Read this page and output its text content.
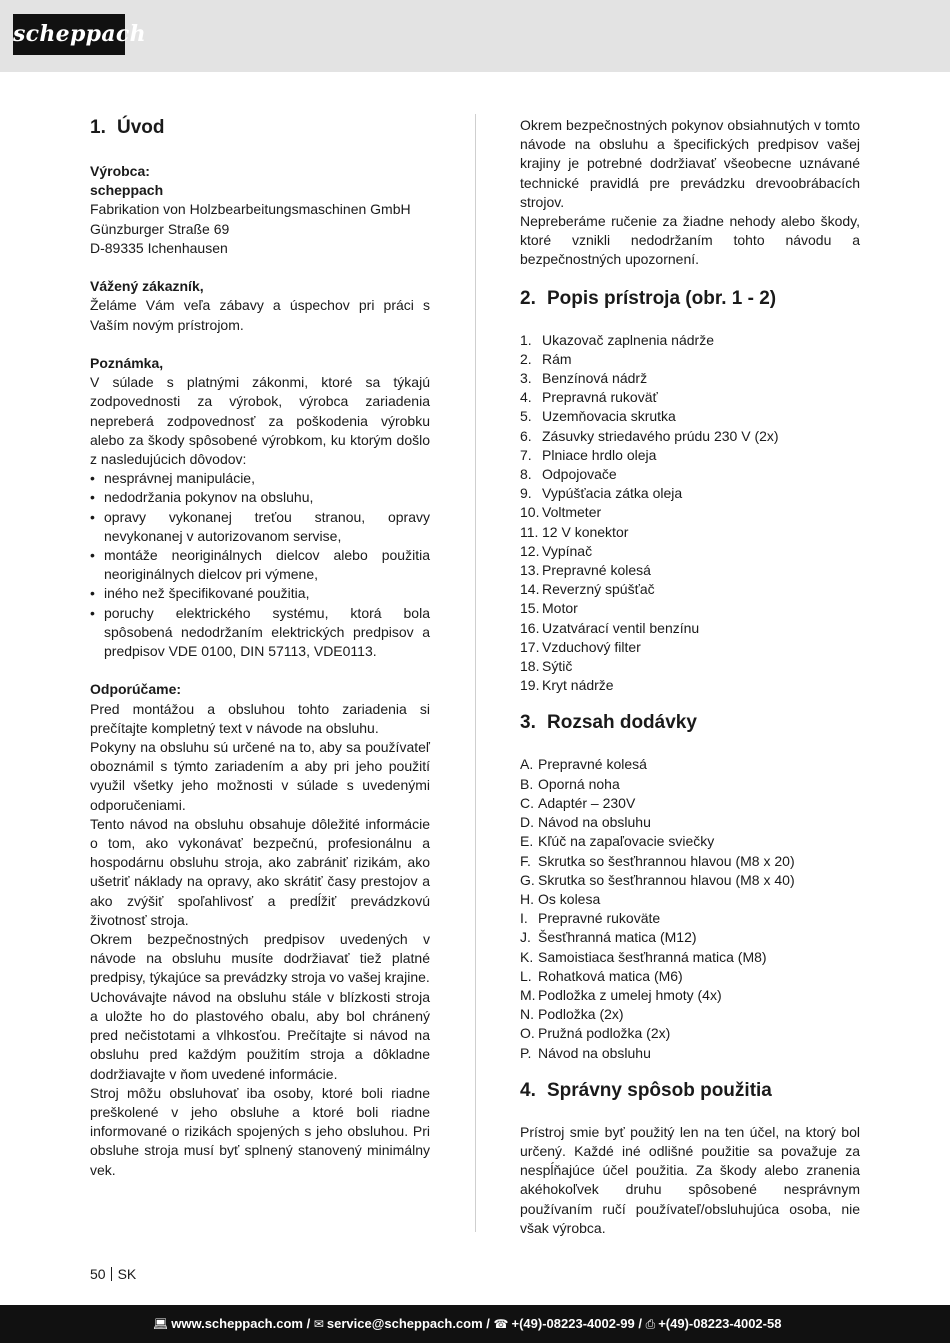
scheppach
1. Úvod
Výrobca:
scheppach
Fabrikation von Holzbearbeitungsmaschinen GmbH
Günzburger Straße 69
D-89335 Ichenhausen
Vážený zákazník,

Želáme Vám veľa zábavy a úspechov pri práci s Vaším novým prístrojom.

Poznámka,

V súlade s platnými zákonmi, ktoré sa týkajú zodpovednosti za výrobok, výrobca zariadenia nepreberá zodpovednosť za poškodenia výrobku alebo za škody spôsobené výrobkom, ku ktorým došlo z nasledujúcich dôvodov:

• nesprávnej manipulácie,
• nedodržania pokynov na obsluhu,
• opravy vykonanej treťou stranou, opravy nevykonanej v autorizovanom servise,
• montáže neoriginálnych dielcov alebo použitia neoriginálnych dielcov pri výmene,
• iného než špecifikované použitia,
• poruchy elektrického systému, ktorá bola spôsobená nedodržaním elektrických predpisov a predpisov VDE 0100, DIN 57113, VDE0113.
Odporúčame:

Pred montážou a obsluhou tohto zariadenia si prečítajte kompletný text v návode na obsluhu.

Pokyny na obsluhu sú určené na to, aby sa používateľ oboznámil s týmto zariadením a aby pri jeho použití využil všetky jeho možnosti v súlade s uvedenými odporučeniami.

Tento návod na obsluhu obsahuje dôležité informácie o tom, ako vykonávať bezpečnú, profesionálnu a hospodárnu obsluhu stroja, ako zabrániť rizikám, ako ušetriť náklady na opravy, ako skrátiť časy prestojov a ako zvýšiť spoľahlivosť a predĺžiť prevádzkovú životnosť stroja.

Okrem bezpečnostných predpisov uvedených v návode na obsluhu musíte dodržiavať tiež platné predpisy, týkajúce sa prevádzky stroja vo vašej krajine.

Uchovávajte návod na obsluhu stále v blízkosti stroja a uložte ho do plastového obalu, aby bol chránený pred nečistotami a vlhkosťou. Prečítajte si návod na obsluhu pred každým použitím stroja a dôkladne dodržiavajte v ňom uvedené informácie.

Stroj môžu obsluhovať iba osoby, ktoré boli riadne preškolené v jeho obsluhe a ktoré boli riadne informované o rizikách spojených s jeho obsluhou. Pri obsluhe stroja musí byť splnený stanovený minimálny vek.

Okrem bezpečnostných pokynov obsiahnutých v tomto návode na obsluhu a špecifických predpisov vašej krajiny je potrebné dodržiavať všeobecne uznávané technické pravidlá pre prevádzku drevoobrábacích strojov.

Nepreberáme ručenie za žiadne nehody alebo škody, ktoré vznikli nedodržaním tohto návodu a bezpečnostných upozornení.

2. Popis prístroja (obr. 1 - 2)
1. Ukazovač zaplnenia nádrže
2. Rám
3. Benzínová nádrž
4. Prepravná rukoväť
5. Uzemňovacia skrutka
6. Zásuvky striedavého prúdu 230 V (2x)
7. Plniace hrdlo oleja
8. Odpojovače
9. Vypúšťacia zátka oleja
10. Voltmeter
11. 12 V konektor
12. Vypínač
13. Prepravné kolesá
14. Reverzný spúšťač
15. Motor
16. Uzatvárací ventil benzínu
17. Vzduchový filter
18. Sýtič
19. Kryt nádrže
3. Rozsah dodávky
A. Prepravné kolesá
B. Oporná noha
C. Adaptér – 230V
D. Návod na obsluhu
E. Kľúč na zapaľovacie sviečky
F. Skrutka so šesťhrannou hlavou (M8 x 20)
G. Skrutka so šesťhrannou hlavou (M8 x 40)
H. Os kolesa
I. Prepravné rukoväte
J. Šesťhranná matica (M12)
K. Samoistiaca šesťhranná matica (M8)
L. Rohatková matica (M6)
M. Podložka z umelej hmoty (4x)
N. Podložka (2x)
O. Pružná podložka (2x)
P. Návod na obsluhu
4. Správny spôsob použitia

Prístroj smie byť použitý len na ten účel, na ktorý bol určený. Každé iné odlišné použitie sa považuje za nespĺňajúce účel použitia. Za škody alebo zranenia akéhokoľvek druhu spôsobené nesprávnym používaním ručí používateľ/obsluhujúca osoba, nie však výrobca.

50 SK
💻︎ www.scheppach.com / ✉︎ service@scheppach.com / ☎︎ +(49)-08223-4002-99 / ⎙ +(49)-08223-4002-58
